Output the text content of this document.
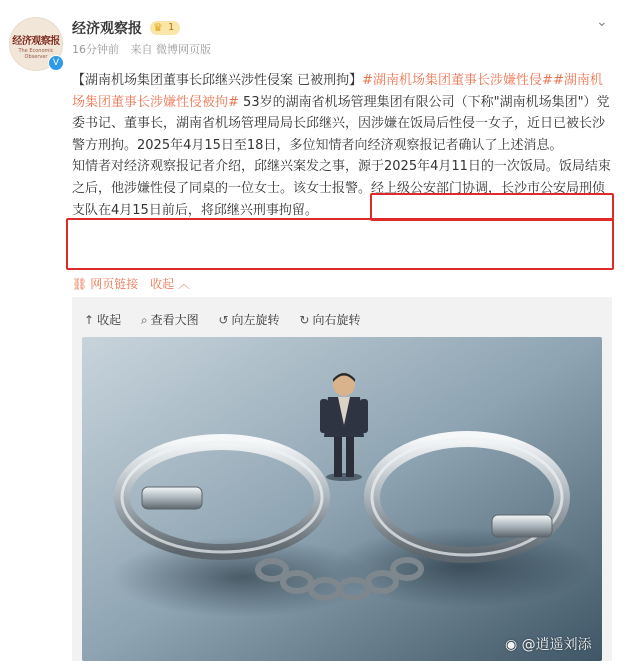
经济观察报
The Economic Observer
V
经济观察报 ♛ 1
16分钟前 来自 微博网页版
⌄

【湖南机场集团董事长邱继兴涉性侵案 已被刑拘】#湖南机场集团董事长涉嫌性侵##湖南机场集团董事长涉嫌性侵被拘# 53岁的湖南省机场管理集团有限公司（下称"湖南机场集团"）党委书记、董事长，湖南省机场管理局局长邱继兴，因涉嫌在饭局后性侵一女子，近日已被长沙警方刑拘。2025年4月15日至18日，多位知情者向经济观察报记者确认了上述消息。

知情者对经济观察报记者介绍，邱继兴案发之事，源于2025年4月11日的一次饭局。饭局结束之后，他涉嫌性侵了同桌的一位女士。该女士报警。经上级公安部门协调，长沙市公安局刑侦支队在4月15日前后，将邱继兴刑事拘留。

⛓ 网页链接 收起 ︿
↑ 收起 ⌕ 查看大图 ↺ 向左旋转 ↻ 向右旋转
◉ @逍遥刘添
